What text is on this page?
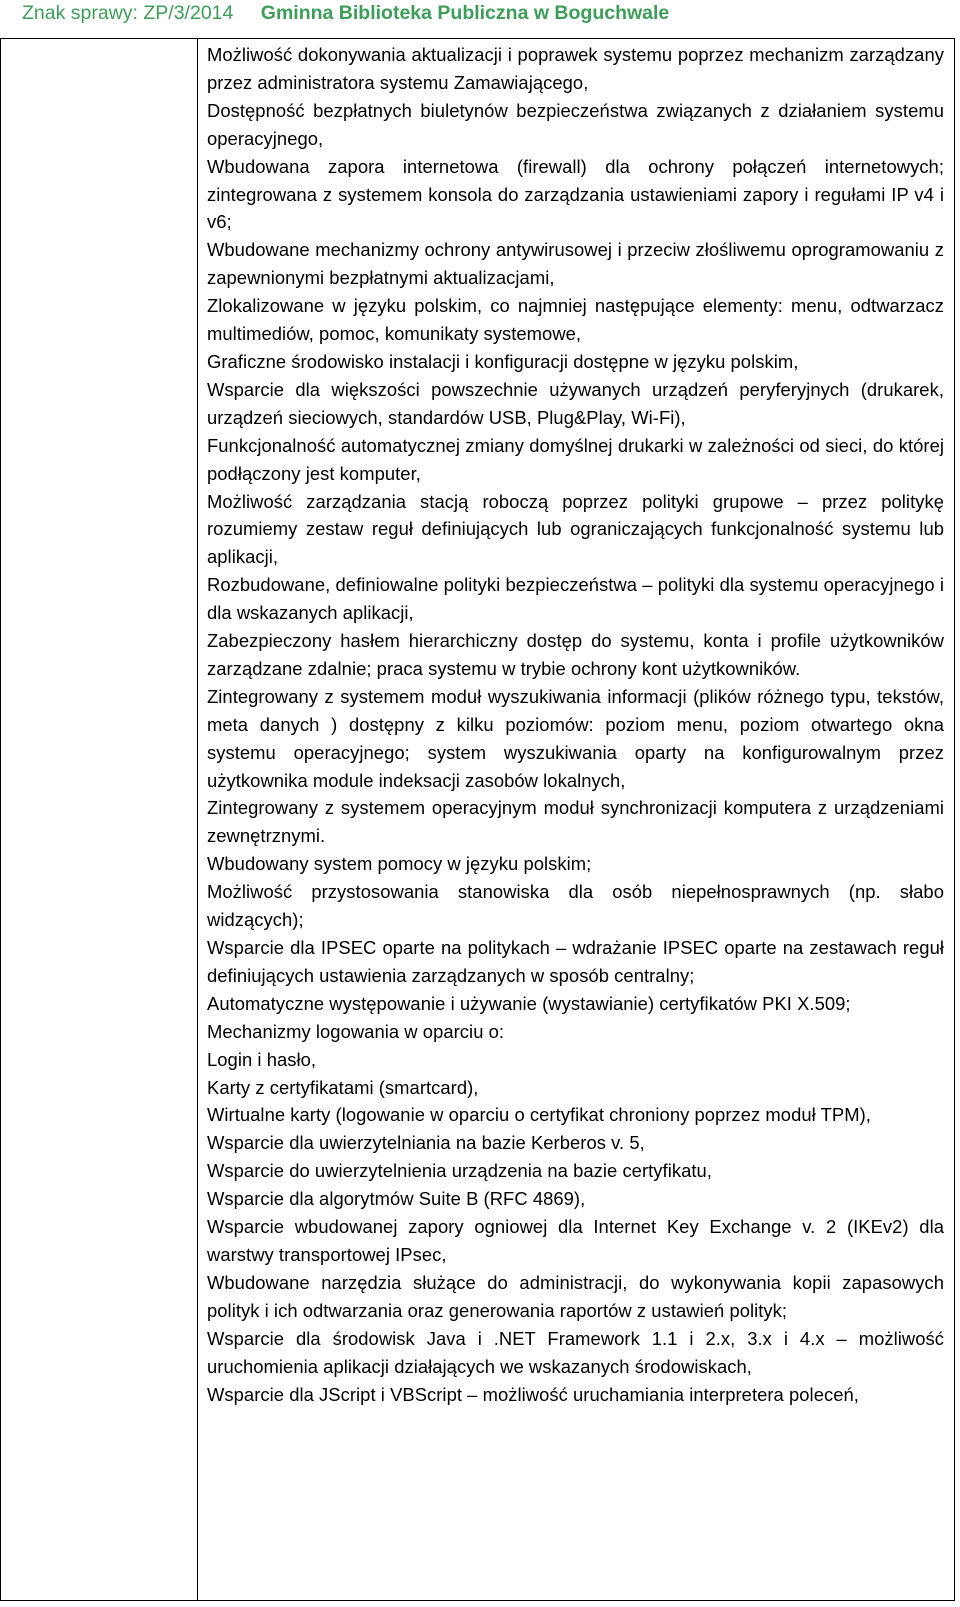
Znak sprawy: ZP/3/2014 Gminna Biblioteka Publiczna w Boguchwale
Możliwość dokonywania aktualizacji i poprawek systemu poprzez mechanizm zarządzany przez administratora systemu Zamawiającego,
Dostępność bezpłatnych biuletynów bezpieczeństwa związanych z działaniem systemu operacyjnego,
Wbudowana zapora internetowa (firewall) dla ochrony połączeń internetowych; zintegrowana z systemem konsola do zarządzania ustawieniami zapory i regułami IP v4 i v6;
Wbudowane mechanizmy ochrony antywirusowej i przeciw złośliwemu oprogramowaniu z zapewnionymi bezpłatnymi aktualizacjami,
Zlokalizowane w języku polskim, co najmniej następujące elementy: menu, odtwarzacz multimediów, pomoc, komunikaty systemowe,
Graficzne środowisko instalacji i konfiguracji dostępne w języku polskim,
Wsparcie dla większości powszechnie używanych urządzeń peryferyjnych (drukarek, urządzeń sieciowych, standardów USB, Plug&Play, Wi-Fi),
Funkcjonalność automatycznej zmiany domyślnej drukarki w zależności od sieci, do której podłączony jest komputer,
Możliwość zarządzania stacją roboczą poprzez polityki grupowe – przez politykę rozumiemy zestaw reguł definiujących lub ograniczających funkcjonalność systemu lub aplikacji,
Rozbudowane, definiowalne polityki bezpieczeństwa – polityki dla systemu operacyjnego i dla wskazanych aplikacji,
Zabezpieczony hasłem hierarchiczny dostęp do systemu, konta i profile użytkowników zarządzane zdalnie; praca systemu w trybie ochrony kont użytkowników.
Zintegrowany z systemem moduł wyszukiwania informacji (plików różnego typu, tekstów, meta danych ) dostępny z kilku poziomów: poziom menu, poziom otwartego okna systemu operacyjnego; system wyszukiwania oparty na konfigurowalnym przez użytkownika module indeksacji zasobów lokalnych,
Zintegrowany z systemem operacyjnym moduł synchronizacji komputera z urządzeniami zewnętrznymi.
Wbudowany system pomocy w języku polskim;
Możliwość przystosowania stanowiska dla osób niepełnosprawnych (np. słabo widzących);
Wsparcie dla IPSEC oparte na politykach – wdrażanie IPSEC oparte na zestawach reguł definiujących ustawienia zarządzanych w sposób centralny;
Automatyczne występowanie i używanie (wystawianie) certyfikatów PKI X.509;
Mechanizmy logowania w oparciu o:
Login i hasło,
Karty z certyfikatami (smartcard),
Wirtualne karty (logowanie w oparciu o certyfikat chroniony poprzez moduł TPM),
Wsparcie dla uwierzytelniania na bazie Kerberos v. 5,
Wsparcie do uwierzytelnienia urządzenia na bazie certyfikatu,
Wsparcie dla algorytmów Suite B (RFC 4869),
Wsparcie wbudowanej zapory ogniowej dla Internet Key Exchange v. 2 (IKEv2) dla warstwy transportowej IPsec,
Wbudowane narzędzia służące do administracji, do wykonywania kopii zapasowych polityk i ich odtwarzania oraz generowania raportów z ustawień polityk;
Wsparcie dla środowisk Java i .NET Framework 1.1 i 2.x, 3.x i 4.x – możliwość uruchomienia aplikacji działających we wskazanych środowiskach,
Wsparcie dla JScript i VBScript – możliwość uruchamiania interpretera poleceń,
